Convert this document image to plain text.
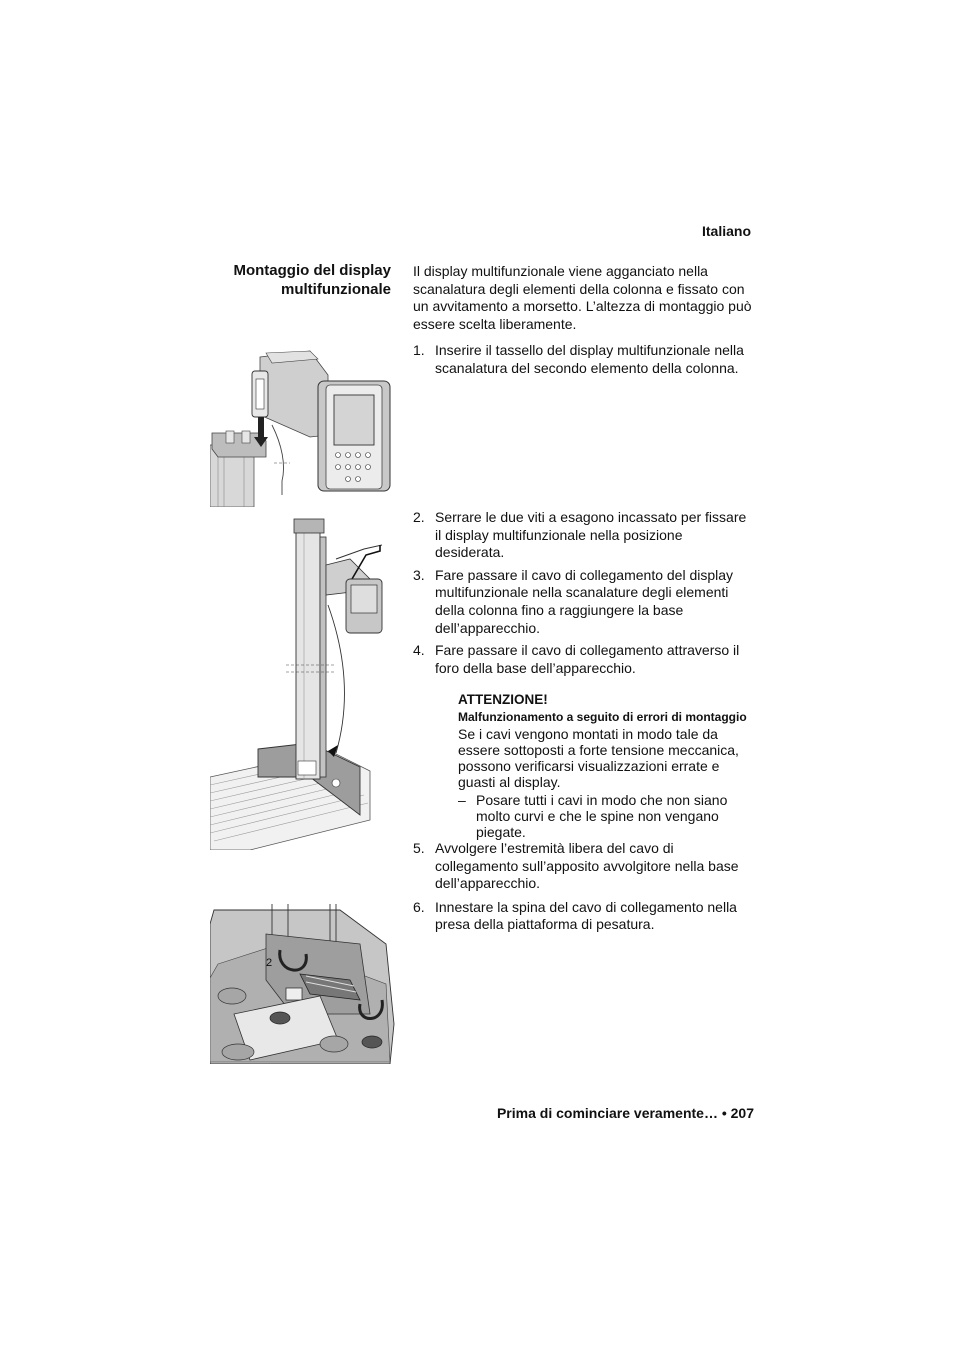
Italiano
Montaggio del display
multifunzionale
Il display multifunzionale viene agganciato nella scanalatura degli elementi della colonna e fissato con un avvitamento a morsetto. L’altezza di montaggio può essere scelta liberamente.
1. Inserire il tassello del display multifunzionale nella scanalatura del secondo elemento della colonna.
2. Serrare le due viti a esagono incassato per fissare il display multifunzionale nella posizione desiderata.
3. Fare passare il cavo di collegamento del display multifunzionale nella scanalature degli elementi della colonna fino a raggiungere la base dell’apparecchio.
4. Fare passare il cavo di collegamento attraverso il foro della base dell’apparecchio.
ATTENZIONE!
Malfunzionamento a seguito di errori di montaggio
Se i cavi vengono montati in modo tale da essere sottoposti a forte tensione meccanica, possono verificarsi visualizzazioni errate e guasti al display.
– Posare tutti i cavi in modo che non siano molto curvi e che le spine non vengano piegate.
5. Avvolgere l’estremità libera del cavo di collegamento sull’apposito avvolgitore nella base dell’apparecchio.
6. Innestare la spina del cavo di collegamento nella presa della piattaforma di pesatura.
2
Prima di cominciare veramente… • 207
